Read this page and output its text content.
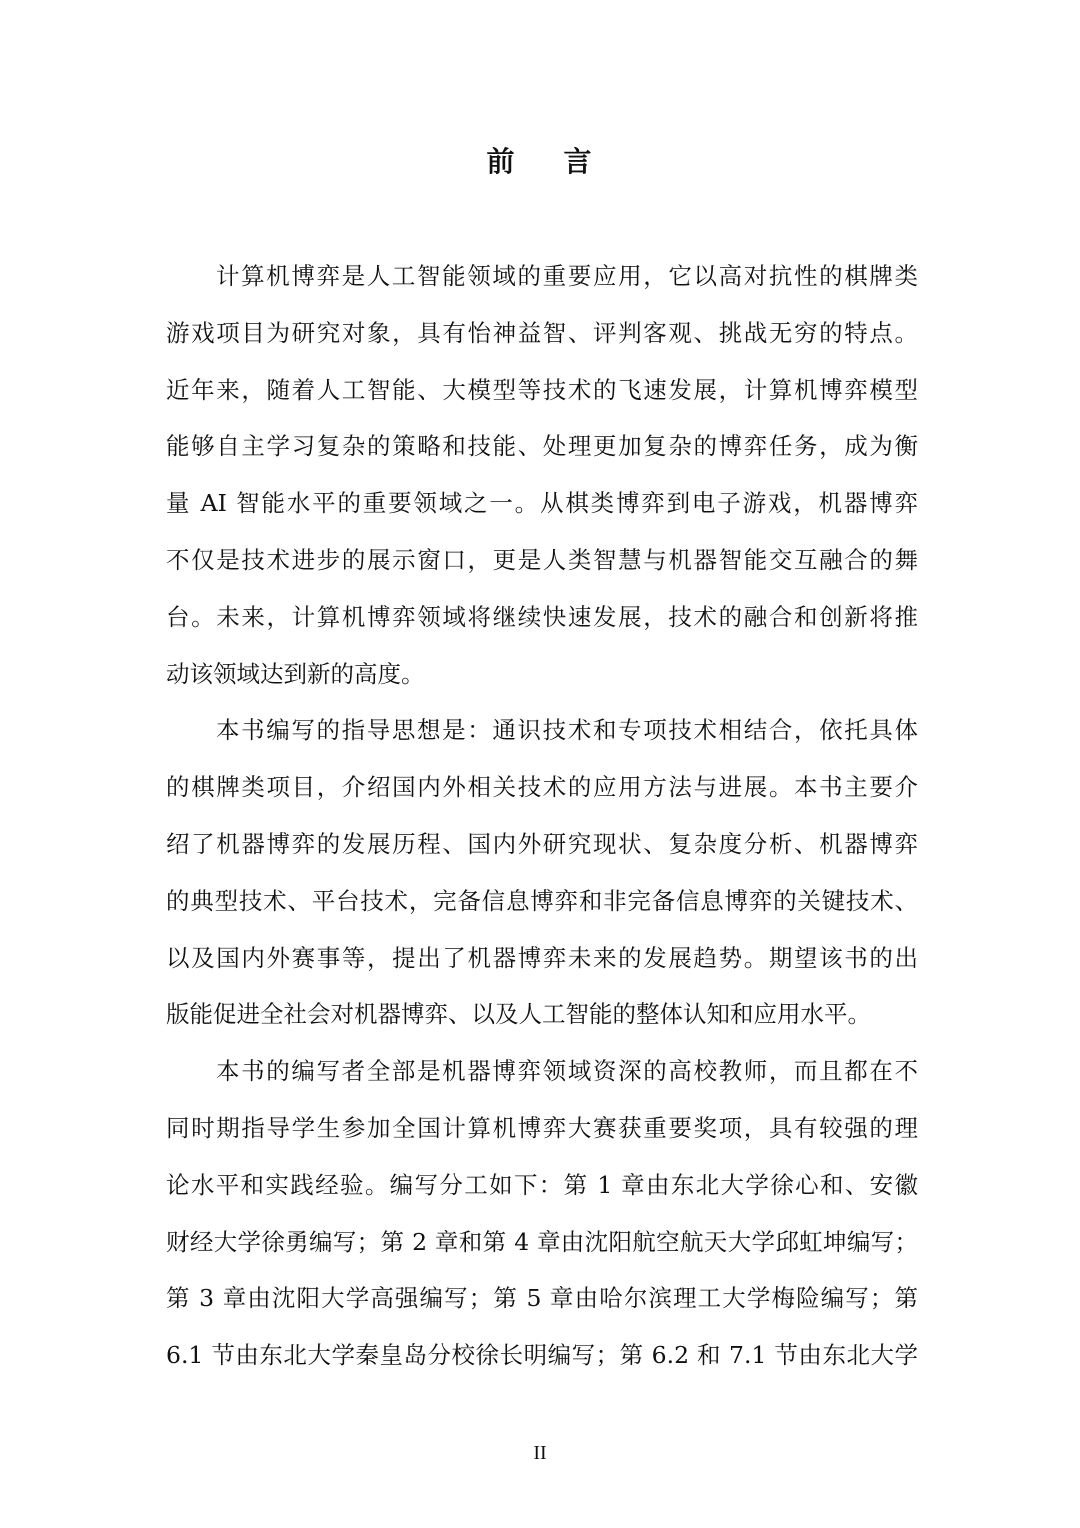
前    言

计算机博弈是人工智能领域的重要应用，它以高对抗性的棋牌类

游戏项目为研究对象，具有怡神益智、评判客观、挑战无穷的特点。

近年来，随着人工智能、大模型等技术的飞速发展，计算机博弈模型

能够自主学习复杂的策略和技能、处理更加复杂的博弈任务，成为衡

量 AI 智能水平的重要领域之一。从棋类博弈到电子游戏，机器博弈

不仅是技术进步的展示窗口，更是人类智慧与机器智能交互融合的舞

台。未来，计算机博弈领域将继续快速发展，技术的融合和创新将推

动该领域达到新的高度。

本书编写的指导思想是：通识技术和专项技术相结合，依托具体

的棋牌类项目，介绍国内外相关技术的应用方法与进展。本书主要介

绍了机器博弈的发展历程、国内外研究现状、复杂度分析、机器博弈

的典型技术、平台技术，完备信息博弈和非完备信息博弈的关键技术、

以及国内外赛事等，提出了机器博弈未来的发展趋势。期望该书的出

版能促进全社会对机器博弈、以及人工智能的整体认知和应用水平。

本书的编写者全部是机器博弈领域资深的高校教师，而且都在不

同时期指导学生参加全国计算机博弈大赛获重要奖项，具有较强的理

论水平和实践经验。编写分工如下：第 1 章由东北大学徐心和、安徽

财经大学徐勇编写；第 2 章和第 4 章由沈阳航空航天大学邱虹坤编写；

第 3 章由沈阳大学高强编写；第 5 章由哈尔滨理工大学梅险编写；第

6.1 节由东北大学秦皇岛分校徐长明编写；第 6.2 和 7.1 节由东北大学

II
